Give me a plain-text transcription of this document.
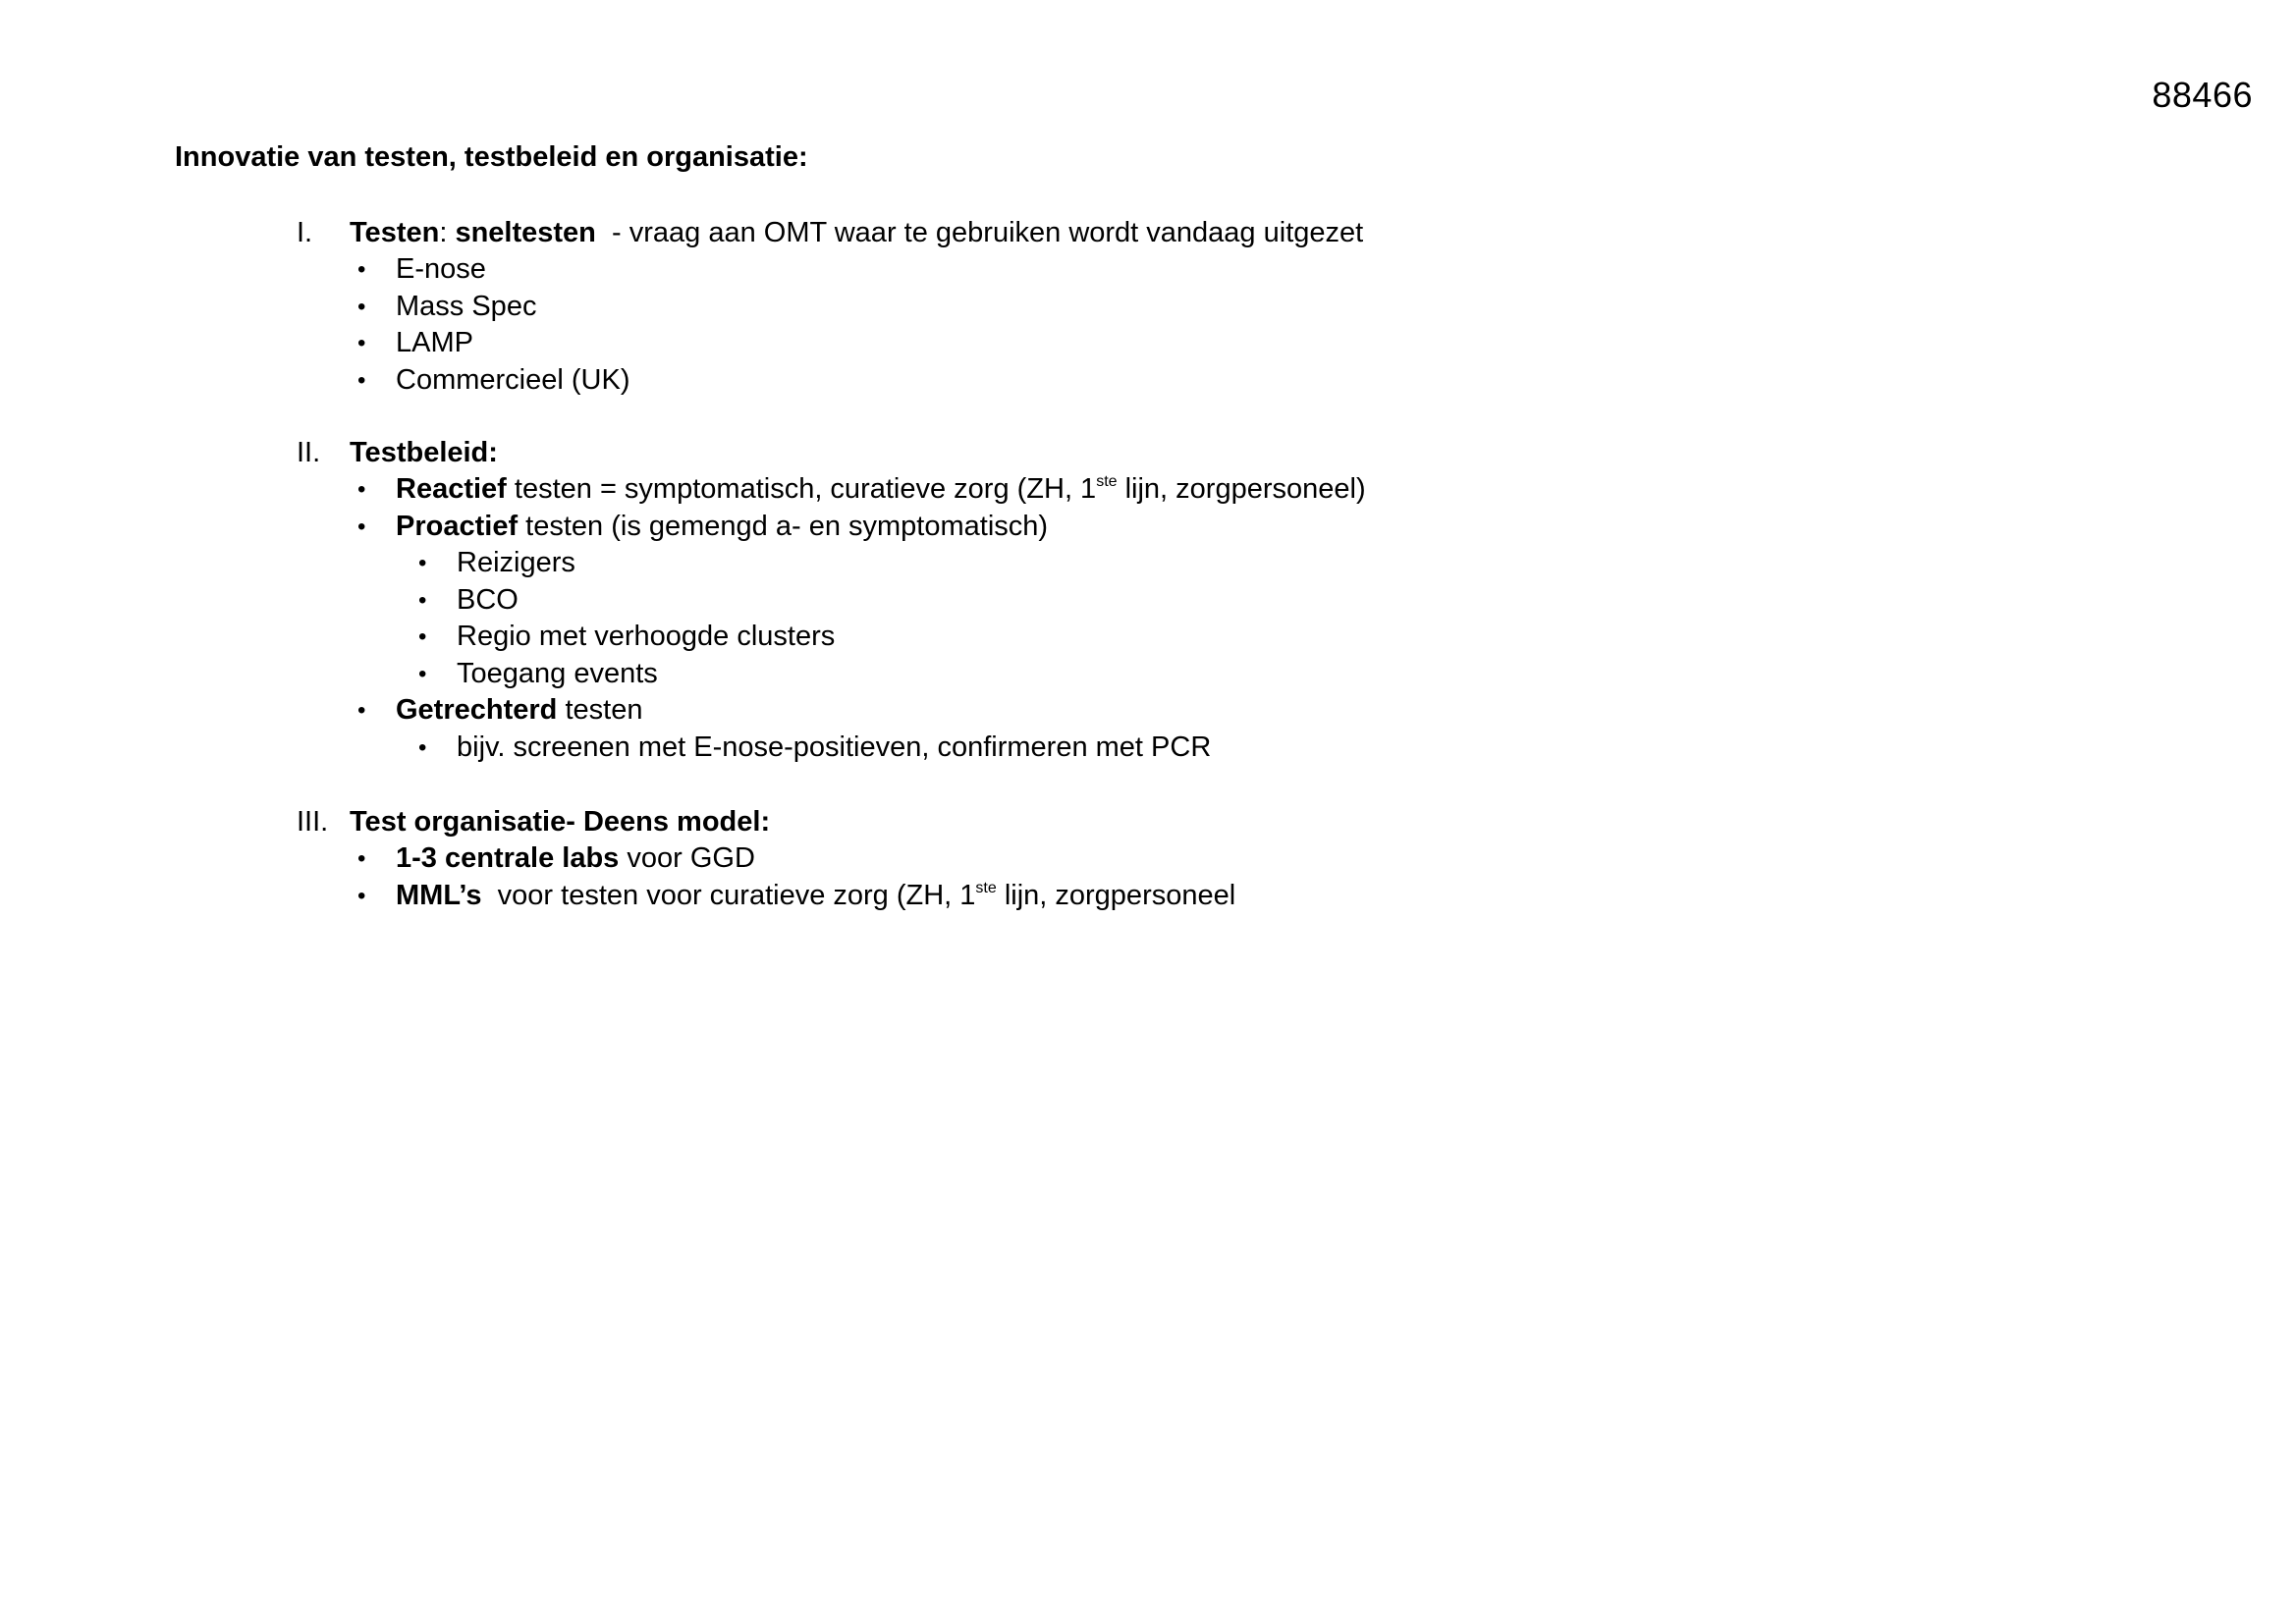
88466
Innovatie van testen, testbeleid en organisatie:
I. Testen: sneltesten  - vraag aan OMT waar te gebruiken wordt vandaag uitgezet
• E-nose
• Mass Spec
• LAMP
• Commercieel (UK)
II. Testbeleid:
• Reactief testen = symptomatisch, curatieve zorg (ZH, 1ste lijn, zorgpersoneel)
• Proactief testen (is gemengd a- en symptomatisch)
• Reizigers
• BCO
• Regio met verhoogde clusters
• Toegang events
• Getrechterd testen
• bijv. screenen met E-nose-positieven, confirmeren met PCR
III. Test organisatie- Deens model:
• 1-3 centrale labs voor GGD
• MML’s  voor testen voor curatieve zorg (ZH, 1ste lijn, zorgpersoneel
